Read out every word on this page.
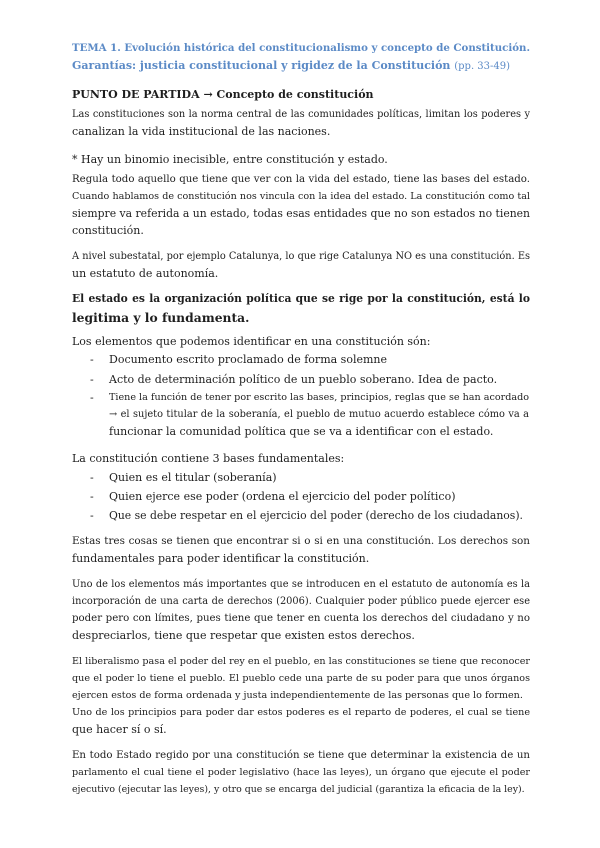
TEMA 1. Evolución histórica del constitucionalismo y concepto de Constitución.
Garantías: justicia constitucional y rigidez de la Constitución (pp. 33-49)
PUNTO DE PARTIDA → Concepto de constitución
Las constituciones son la norma central de las comunidades políticas, limitan los poderes y
canalizan la vida institucional de las naciones.
* Hay un binomio inecisible, entre constitución y estado.
Regula todo aquello que tiene que ver con la vida del estado, tiene las bases del estado.
Cuando hablamos de constitución nos vincula con la idea del estado. La constitución como tal
siempre va referida a un estado, todas esas entidades que no son estados no tienen
constitución.
A nivel subestatal, por ejemplo Catalunya, lo que rige Catalunya NO es una constitución. Es
un estatuto de autonomía.
El estado es la organización política que se rige por la constitución, está lo
legitima y lo fundamenta.
Los elementos que podemos identificar en una constitución són:
- Documento escrito proclamado de forma solemne
- Acto de determinación político de un pueblo soberano. Idea de pacto.
- Tiene la función de tener por escrito las bases, principios, reglas que se han acordado
→ el sujeto titular de la soberanía, el pueblo de mutuo acuerdo establece cómo va a
funcionar la comunidad política que se va a identificar con el estado.
La constitución contiene 3 bases fundamentales:
- Quien es el titular (soberanía)
- Quien ejerce ese poder (ordena el ejercicio del poder político)
- Que se debe respetar en el ejercicio del poder (derecho de los ciudadanos).
Estas tres cosas se tienen que encontrar si o si en una constitución. Los derechos son
fundamentales para poder identificar la constitución.
Uno de los elementos más importantes que se introducen en el estatuto de autonomía es la
incorporación de una carta de derechos (2006). Cualquier poder público puede ejercer ese
poder pero con límites, pues tiene que tener en cuenta los derechos del ciudadano y no
despreciarlos, tiene que respetar que existen estos derechos.
El liberalismo pasa el poder del rey en el pueblo, en las constituciones se tiene que reconocer
que el poder lo tiene el pueblo. El pueblo cede una parte de su poder para que unos órganos
ejercen estos de forma ordenada y justa independientemente de las personas que lo formen.
Uno de los principios para poder dar estos poderes es el reparto de poderes, el cual se tiene
que hacer sí o sí.
En todo Estado regido por una constitución se tiene que determinar la existencia de un
parlamento el cual tiene el poder legislativo (hace las leyes), un órgano que ejecute el poder
ejecutivo (ejecutar las leyes), y otro que se encarga del judicial (garantiza la eficacia de la ley).
